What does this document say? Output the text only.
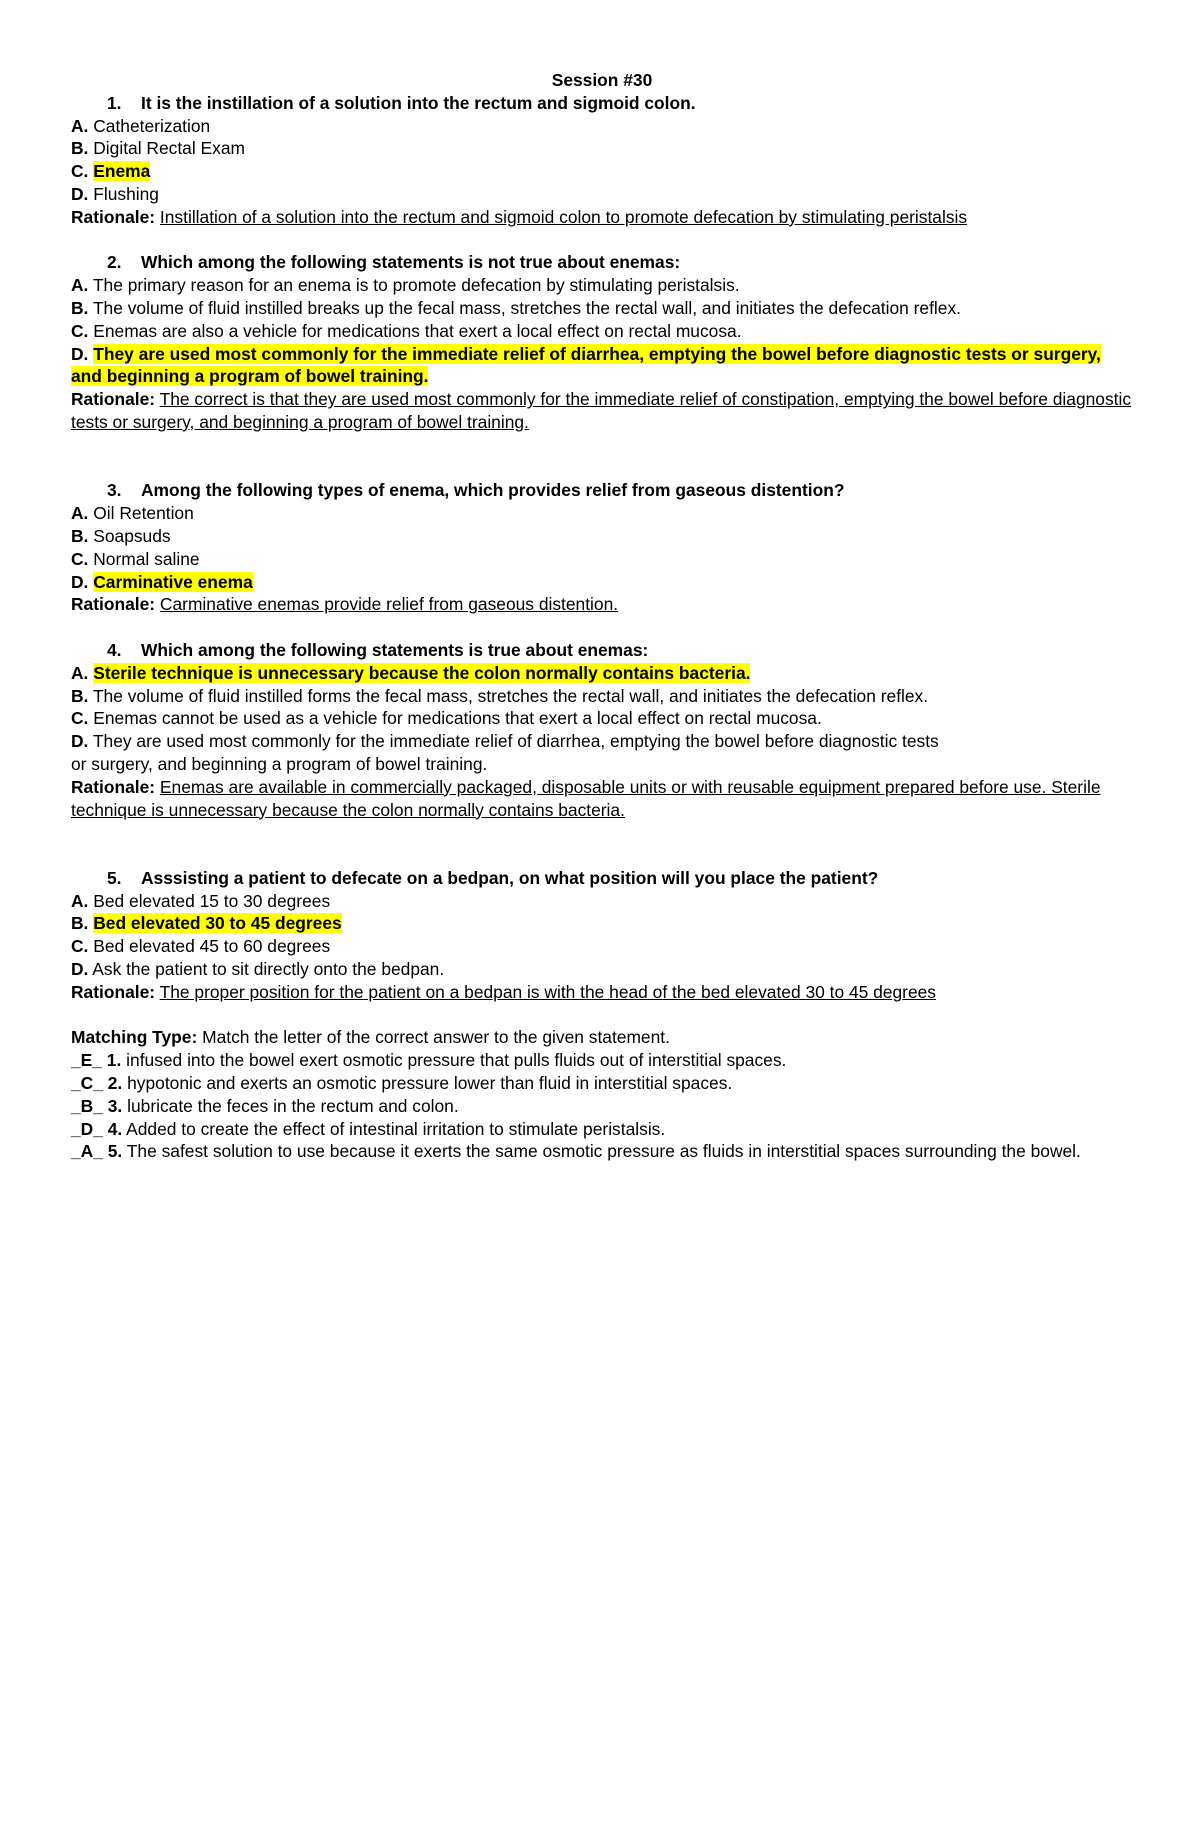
Session #30
1. It is the instillation of a solution into the rectum and sigmoid colon.
A. Catheterization
B. Digital Rectal Exam
C. Enema
D. Flushing
Rationale: Instillation of a solution into the rectum and sigmoid colon to promote defecation by stimulating peristalsis
2. Which among the following statements is not true about enemas:
A. The primary reason for an enema is to promote defecation by stimulating peristalsis.
B. The volume of fluid instilled breaks up the fecal mass, stretches the rectal wall, and initiates the defecation reflex.
C. Enemas are also a vehicle for medications that exert a local effect on rectal mucosa.
D. They are used most commonly for the immediate relief of diarrhea, emptying the bowel before diagnostic tests or surgery, and beginning a program of bowel training.
Rationale: The correct is that they are used most commonly for the immediate relief of constipation, emptying the bowel before diagnostic tests or surgery, and beginning a program of bowel training.
3. Among the following types of enema, which provides relief from gaseous distention?
A. Oil Retention
B. Soapsuds
C. Normal saline
D. Carminative enema
Rationale: Carminative enemas provide relief from gaseous distention.
4. Which among the following statements is true about enemas:
A. Sterile technique is unnecessary because the colon normally contains bacteria.
B. The volume of fluid instilled forms the fecal mass, stretches the rectal wall, and initiates the defecation reflex.
C. Enemas cannot be used as a vehicle for medications that exert a local effect on rectal mucosa.
D. They are used most commonly for the immediate relief of diarrhea, emptying the bowel before diagnostic tests
or surgery, and beginning a program of bowel training.
Rationale: Enemas are available in commercially packaged, disposable units or with reusable equipment prepared before use. Sterile technique is unnecessary because the colon normally contains bacteria.
5. Asssisting a patient to defecate on a bedpan, on what position will you place the patient?
A. Bed elevated 15 to 30 degrees
B. Bed elevated 30 to 45 degrees
C. Bed elevated 45 to 60 degrees
D. Ask the patient to sit directly onto the bedpan.
Rationale: The proper position for the patient on a bedpan is with the head of the bed elevated 30 to 45 degrees
Matching Type: Match the letter of the correct answer to the given statement.
_E_ 1. infused into the bowel exert osmotic pressure that pulls fluids out of interstitial spaces.
_C_ 2. hypotonic and exerts an osmotic pressure lower than fluid in interstitial spaces.
_B_ 3. lubricate the feces in the rectum and colon.
_D_ 4. Added to create the effect of intestinal irritation to stimulate peristalsis.
_A_ 5. The safest solution to use because it exerts the same osmotic pressure as fluids in interstitial spaces surrounding the bowel.
